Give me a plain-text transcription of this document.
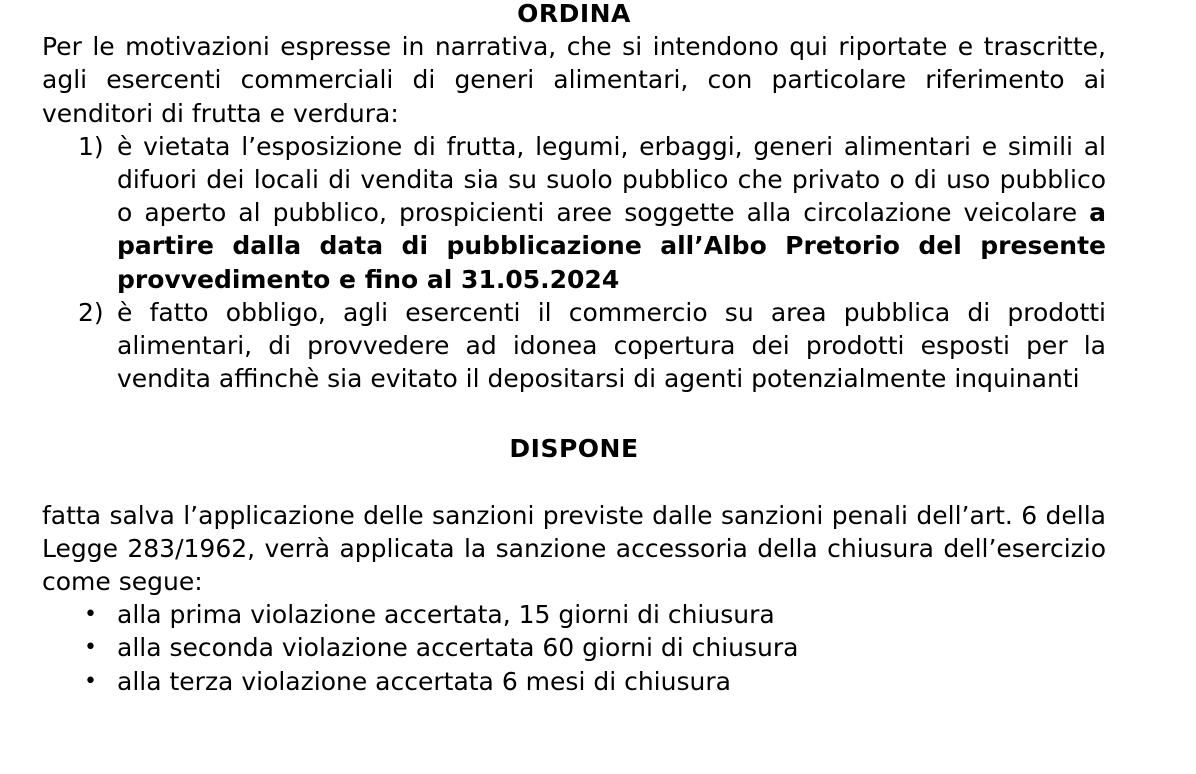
ORDINA

Per le motivazioni espresse in narrativa, che si intendono qui riportate e trascritte, agli esercenti commerciali di generi alimentari, con particolare riferimento ai venditori di frutta e verdura:

1) è vietata l’esposizione di frutta, legumi, erbaggi, generi alimentari e simili al difuori dei locali di vendita sia su suolo pubblico che privato o di uso pubblico o aperto al pubblico, prospicienti aree soggette alla circolazione veicolare a partire dalla data di pubblicazione all’Albo Pretorio del presente provvedimento e fino al 31.05.2024
2) è fatto obbligo, agli esercenti il commercio su area pubblica di prodotti alimentari, di provvedere ad idonea copertura dei prodotti esposti per la vendita affinchè sia evitato il depositarsi di agenti potenzialmente inquinanti

DISPONE

fatta salva l’applicazione delle sanzioni previste dalle sanzioni penali dell’art. 6 della Legge 283/1962, verrà applicata la sanzione accessoria della chiusura dell’esercizio come segue:

• alla prima violazione accertata, 15 giorni di chiusura
• alla seconda violazione accertata 60 giorni di chiusura
• alla terza violazione accertata 6 mesi di chiusura
